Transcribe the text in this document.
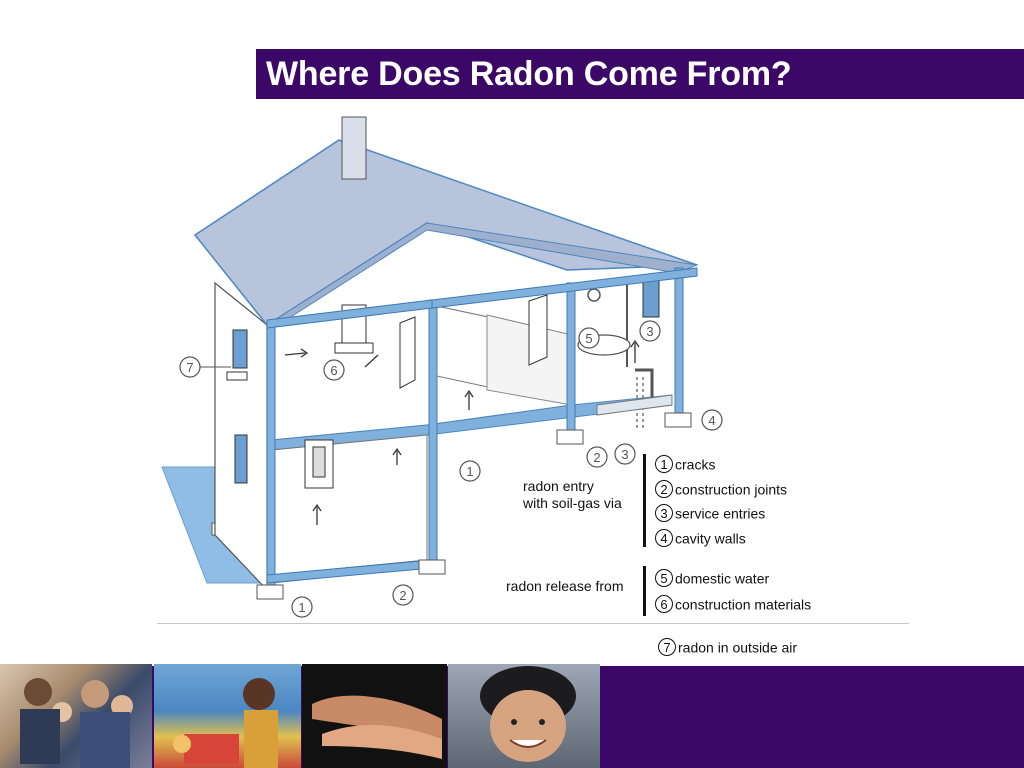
Where Does Radon Come From?
7	6
5	3
4
3
2
1
2
1
radon entry
with soil-gas via
1 cracks
2 construction joints
3 service entries
4 cavity walls
radon release from	5 domestic water
6 construction materials
7 radon in outside air
